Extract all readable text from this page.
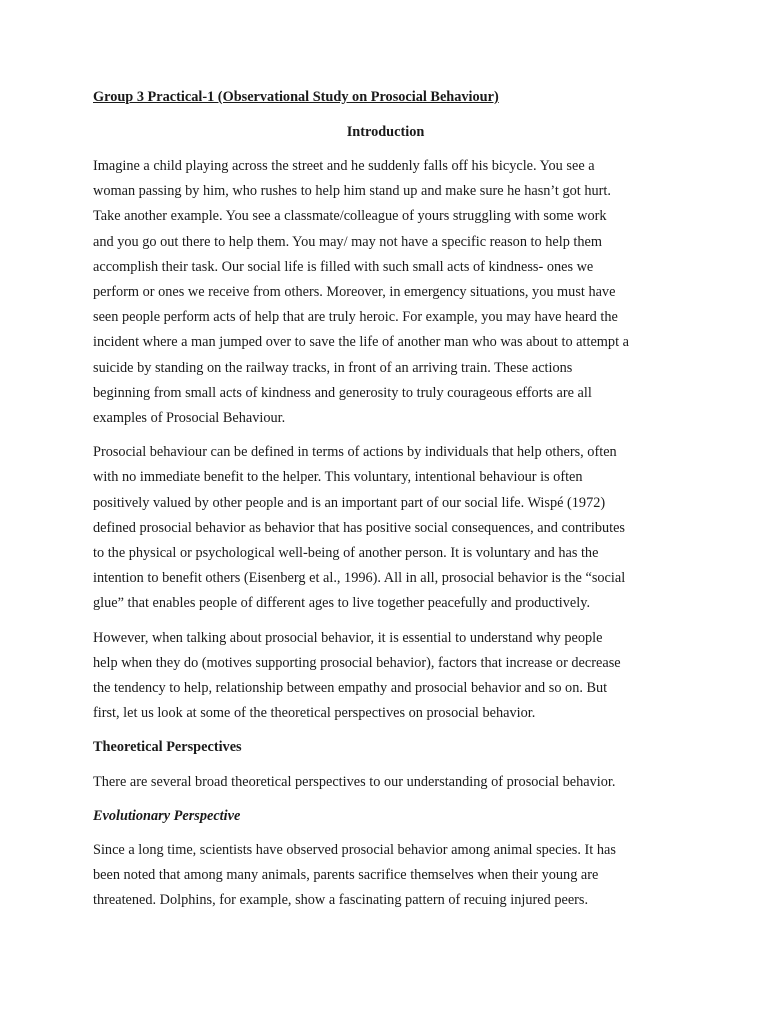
Group 3 Practical-1 (Observational Study on Prosocial Behaviour)

Introduction

Imagine a child playing across the street and he suddenly falls off his bicycle. You see a
woman passing by him, who rushes to help him stand up and make sure he hasn’t got hurt.
Take another example. You see a classmate/colleague of yours struggling with some work
and you go out there to help them. You may/ may not have a specific reason to help them
accomplish their task. Our social life is filled with such small acts of kindness- ones we
perform or ones we receive from others. Moreover, in emergency situations, you must have
seen people perform acts of help that are truly heroic. For example, you may have heard the
incident where a man jumped over to save the life of another man who was about to attempt a
suicide by standing on the railway tracks, in front of an arriving train. These actions
beginning from small acts of kindness and generosity to truly courageous efforts are all
examples of Prosocial Behaviour.

Prosocial behaviour can be defined in terms of actions by individuals that help others, often
with no immediate benefit to the helper. This voluntary, intentional behaviour is often
positively valued by other people and is an important part of our social life. Wispé (1972)
defined prosocial behavior as behavior that has positive social consequences, and contributes
to the physical or psychological well-being of another person. It is voluntary and has the
intention to benefit others (Eisenberg et al., 1996). All in all, prosocial behavior is the “social
glue” that enables people of different ages to live together peacefully and productively.

However, when talking about prosocial behavior, it is essential to understand why people
help when they do (motives supporting prosocial behavior), factors that increase or decrease
the tendency to help, relationship between empathy and prosocial behavior and so on. But
first, let us look at some of the theoretical perspectives on prosocial behavior.

Theoretical Perspectives

There are several broad theoretical perspectives to our understanding of prosocial behavior.

Evolutionary Perspective

Since a long time, scientists have observed prosocial behavior among animal species. It has
been noted that among many animals, parents sacrifice themselves when their young are
threatened. Dolphins, for example, show a fascinating pattern of recuing injured peers.
